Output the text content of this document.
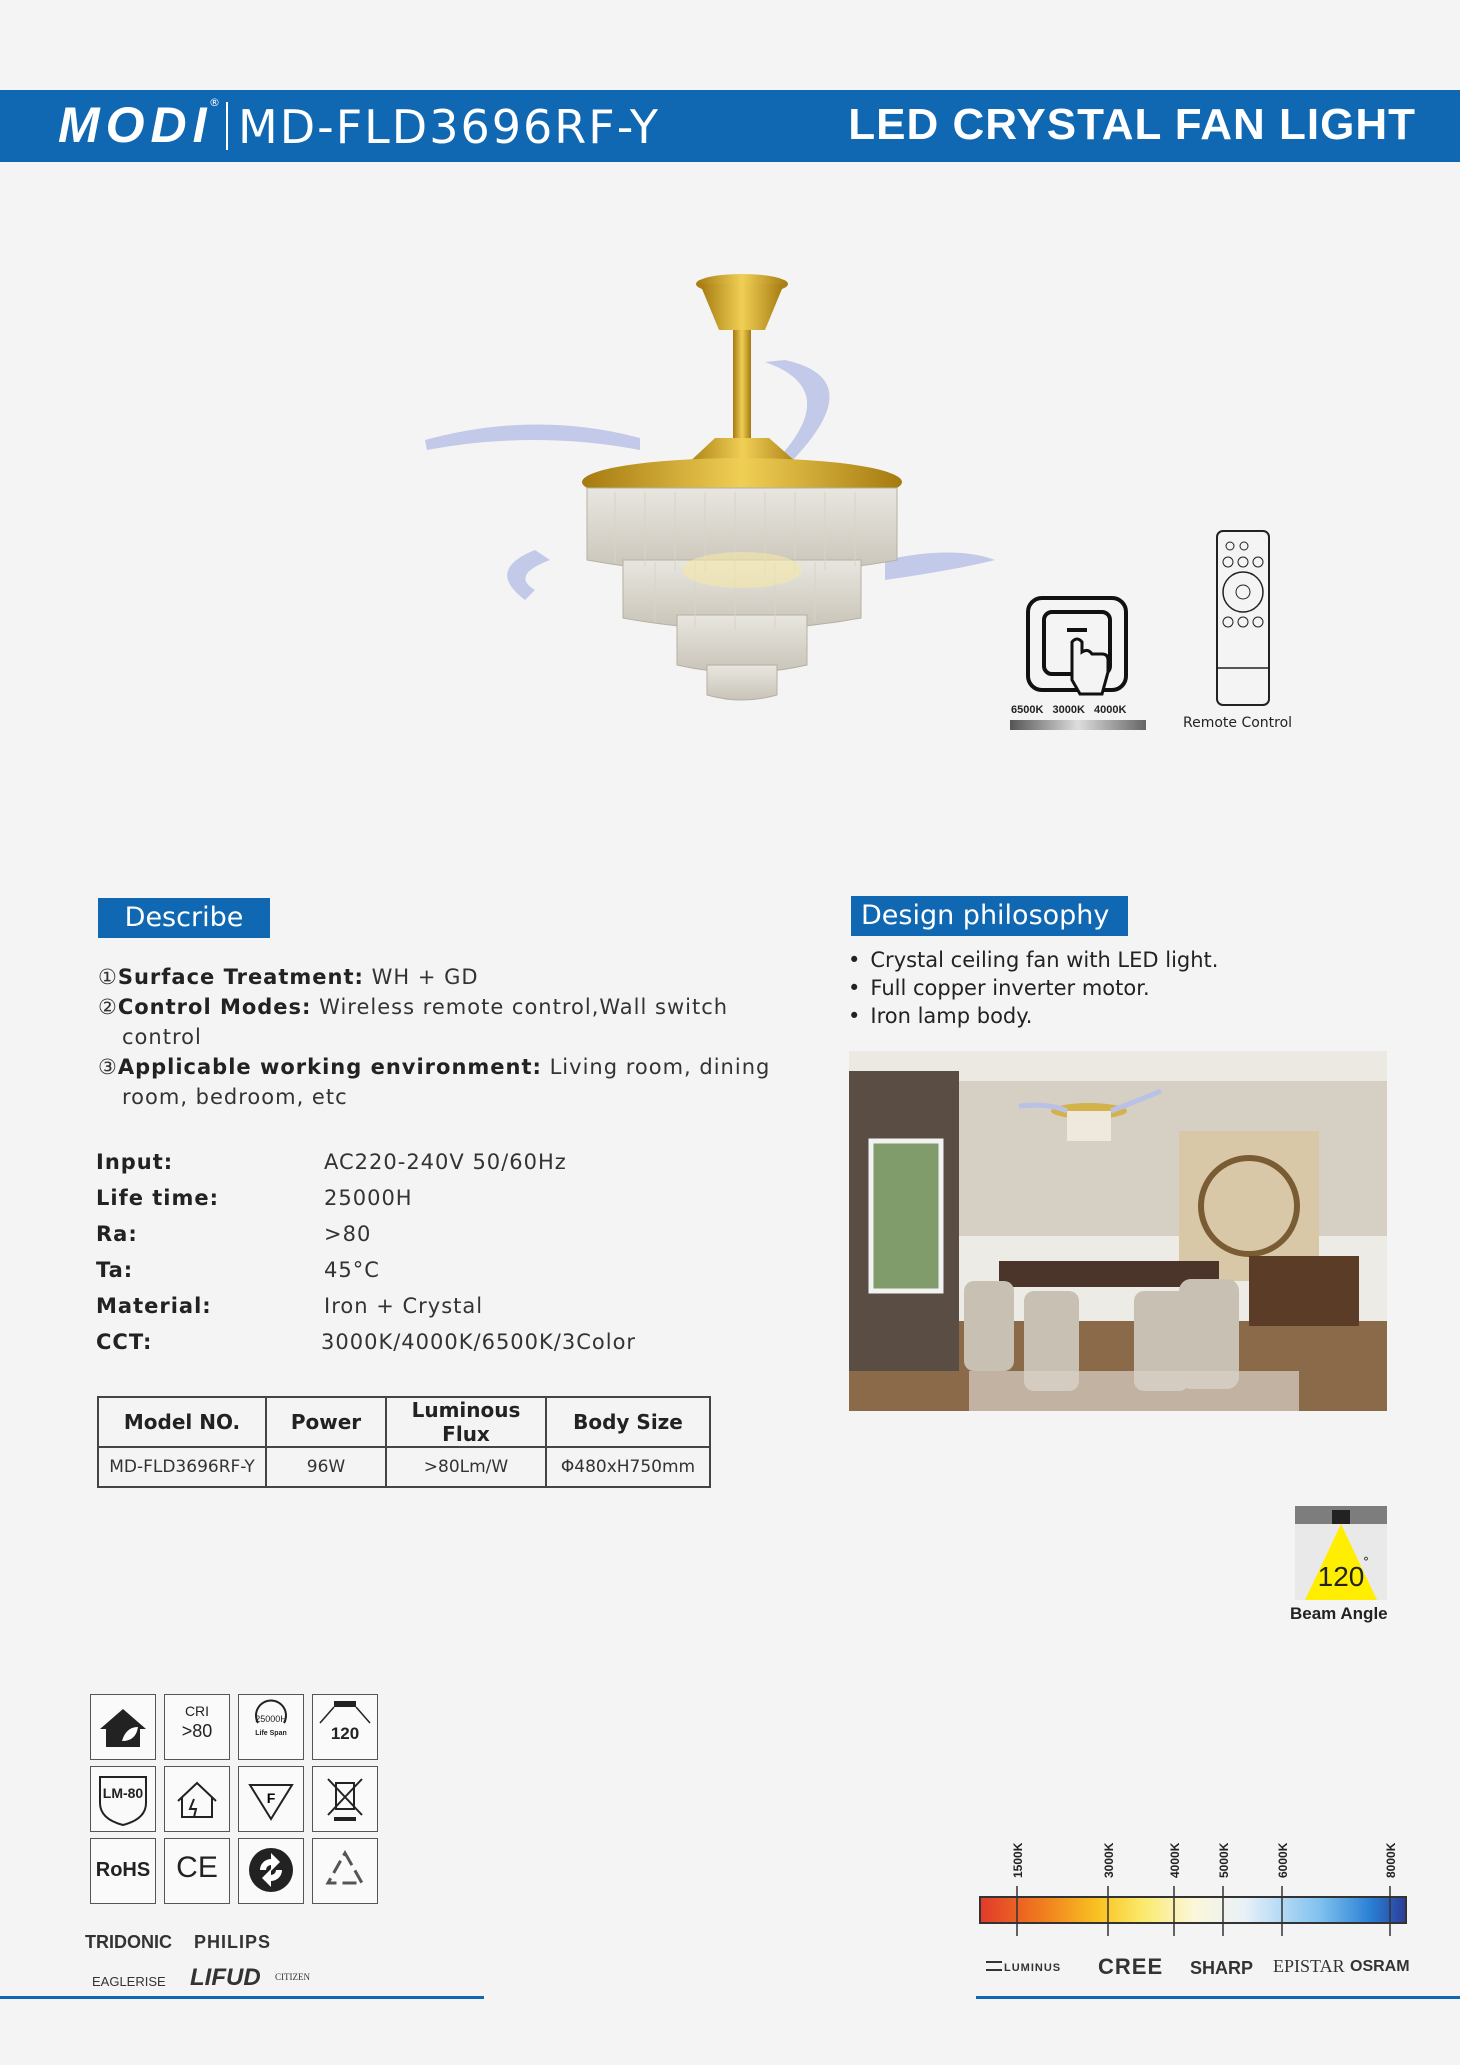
MODI
® MD-FLD3696RF-Y	LED CRYSTAL FAN LIGHT
6500K 3000K 4000K
Remote Control
Describe
①Surface Treatment: WH + GD
②Control Modes: Wireless remote control,Wall switch
control
③Applicable working environment: Living room, dining
room, bedroom, etc
Input:	AC220-240V 50/60Hz
Life time:	25000H
Ra:	>80
Ta:	45°C
Material:	Iron + Crystal
CCT:	3000K/4000K/6500K/3Color
Model NO.	Power	Luminous Flux	Body Size
MD-FLD3696RF-Y	96W	>80Lm/W	Φ480xH750mm
Design philosophy
• Crystal ceiling fan with LED light.
• Full copper inverter motor.
• Iron lamp body.
120
°
Beam Angle
CRI
>80
25000H
Life Span	120
LM-80	F
RoHS CE
TRIDONIC PHILIPS
EAGLERISE LIFUD CITIZEN
1500K	3000K	4000K	5000K	6000K	8000K
LUMINUS CREE SHARP EPISTAR OSRAM
